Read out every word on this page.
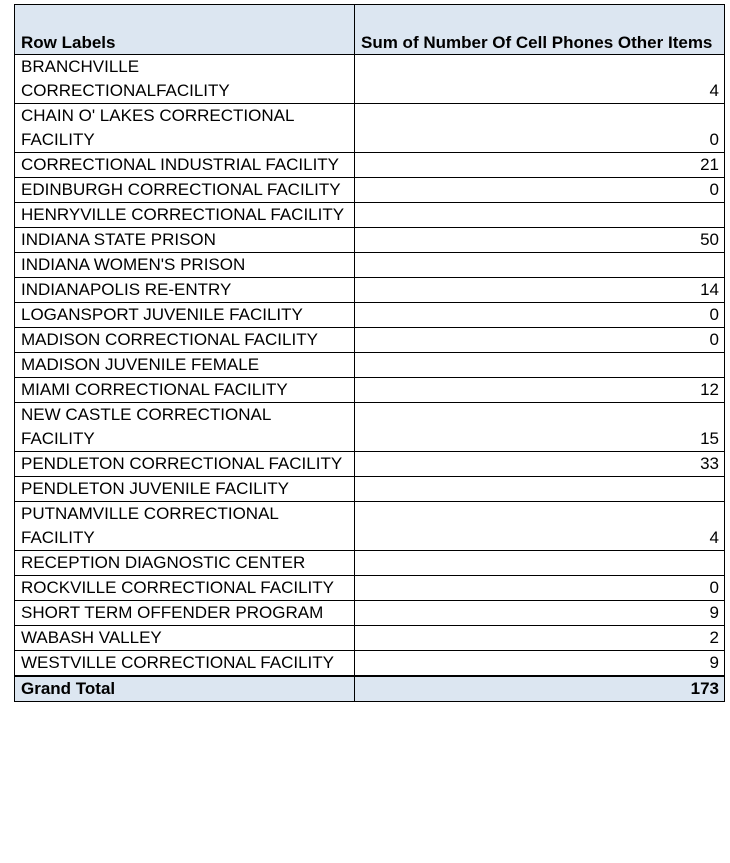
Row Labels	Sum of Number Of Cell Phones Other Items
BRANCHVILLE CORRECTIONALFACILITY	4
CHAIN O' LAKES CORRECTIONAL FACILITY	0
CORRECTIONAL INDUSTRIAL FACILITY	21
EDINBURGH CORRECTIONAL FACILITY	0
HENRYVILLE CORRECTIONAL FACILITY	
INDIANA STATE PRISON	50
INDIANA WOMEN'S PRISON	
INDIANAPOLIS RE-ENTRY	14
LOGANSPORT JUVENILE FACILITY	0
MADISON CORRECTIONAL FACILITY	0
MADISON JUVENILE FEMALE	
MIAMI CORRECTIONAL FACILITY	12
NEW CASTLE CORRECTIONAL FACILITY	15
PENDLETON CORRECTIONAL FACILITY	33
PENDLETON JUVENILE FACILITY	
PUTNAMVILLE CORRECTIONAL FACILITY	4
RECEPTION DIAGNOSTIC CENTER	
ROCKVILLE CORRECTIONAL FACILITY	0
SHORT TERM OFFENDER PROGRAM	9
WABASH VALLEY	2
WESTVILLE CORRECTIONAL FACILITY	9
Grand Total	173
